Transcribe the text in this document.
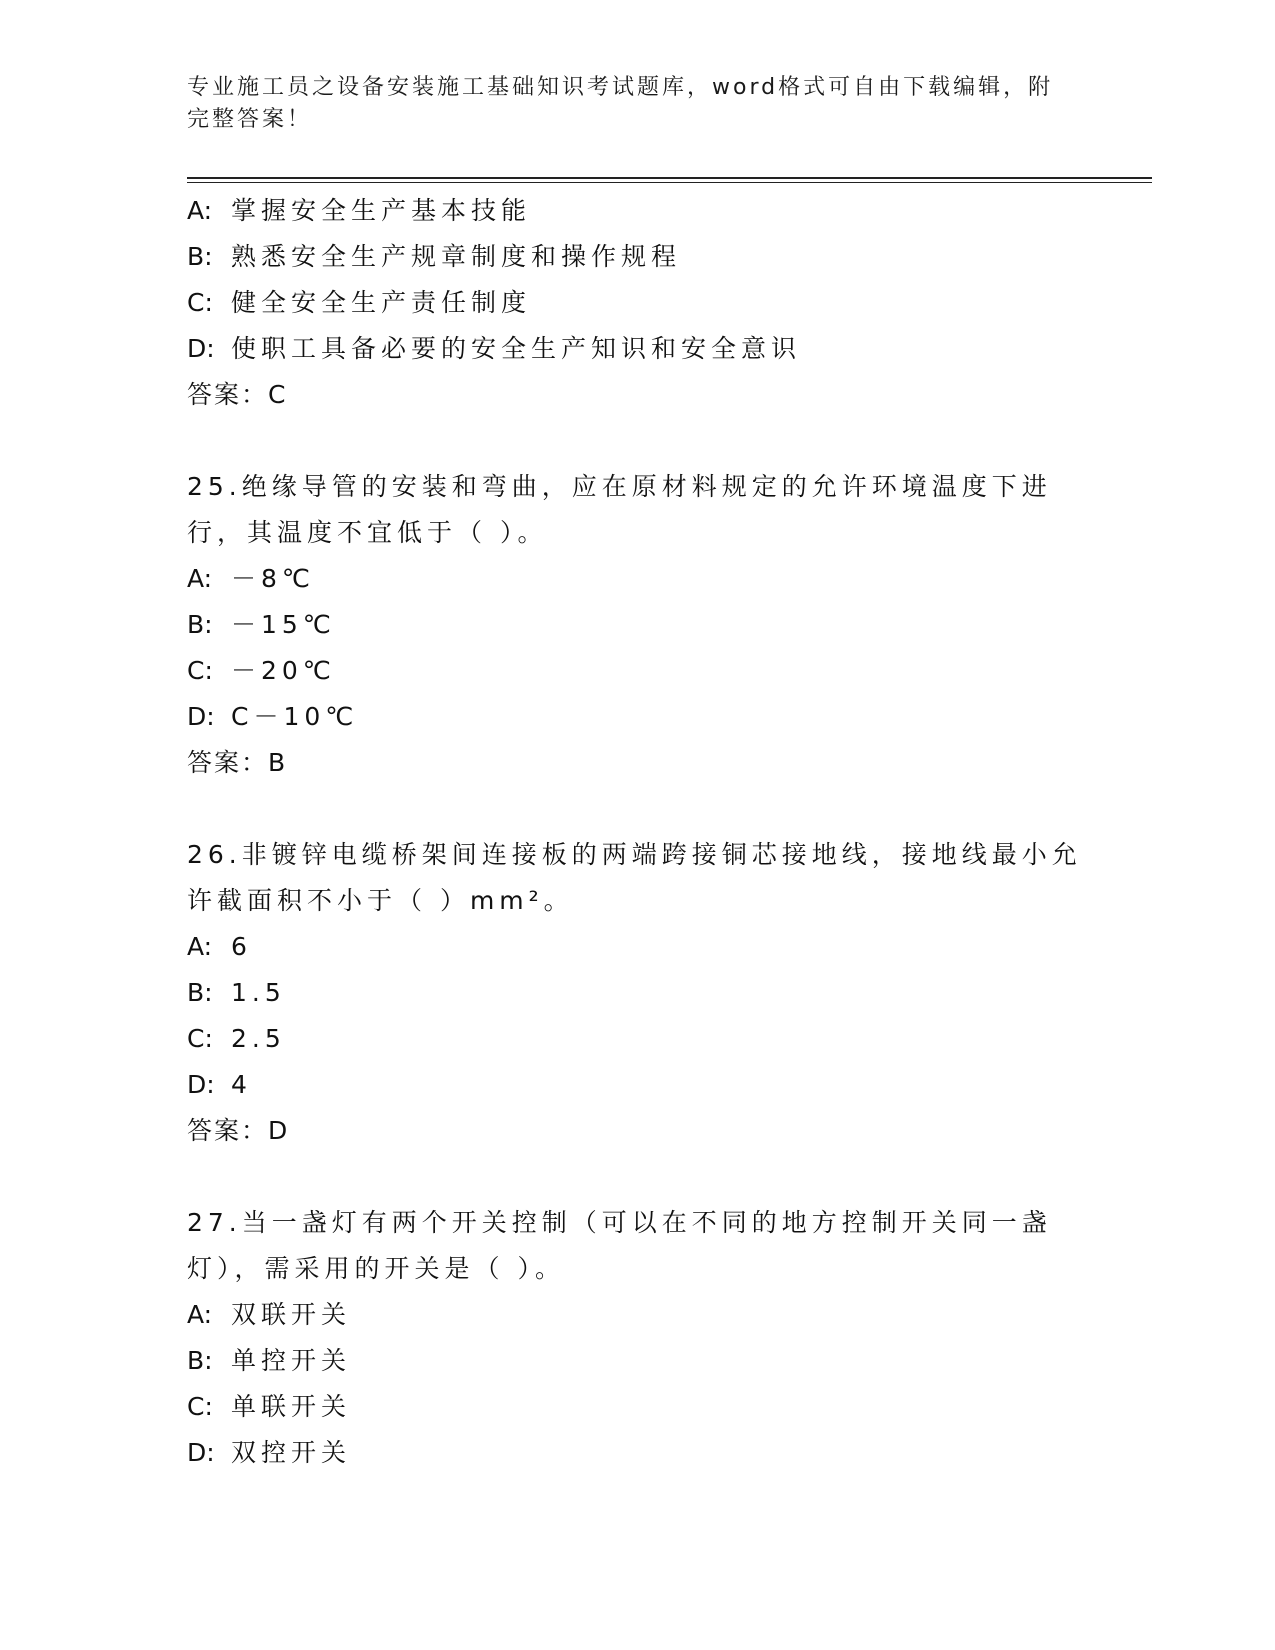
专业施工员之设备安装施工基础知识考试题库，word格式可自由下载编辑，附完整答案！
A: 掌握安全生产基本技能
B: 熟悉安全生产规章制度和操作规程
C: 健全安全生产责任制度
D: 使职工具备必要的安全生产知识和安全意识
答案：C
25.绝缘导管的安装和弯曲，应在原材料规定的允许环境温度下进行，其温度不宜低于（ ）。
A: －8℃
B: －15℃
C: －20℃
D: C－10℃
答案：B
26.非镀锌电缆桥架间连接板的两端跨接铜芯接地线，接地线最小允许截面积不小于（ ）mm²。
A: 6
B: 1.5
C: 2.5
D: 4
答案：D
27.当一盏灯有两个开关控制（可以在不同的地方控制开关同一盏灯），需采用的开关是（ ）。
A: 双联开关
B: 单控开关
C: 单联开关
D: 双控开关
